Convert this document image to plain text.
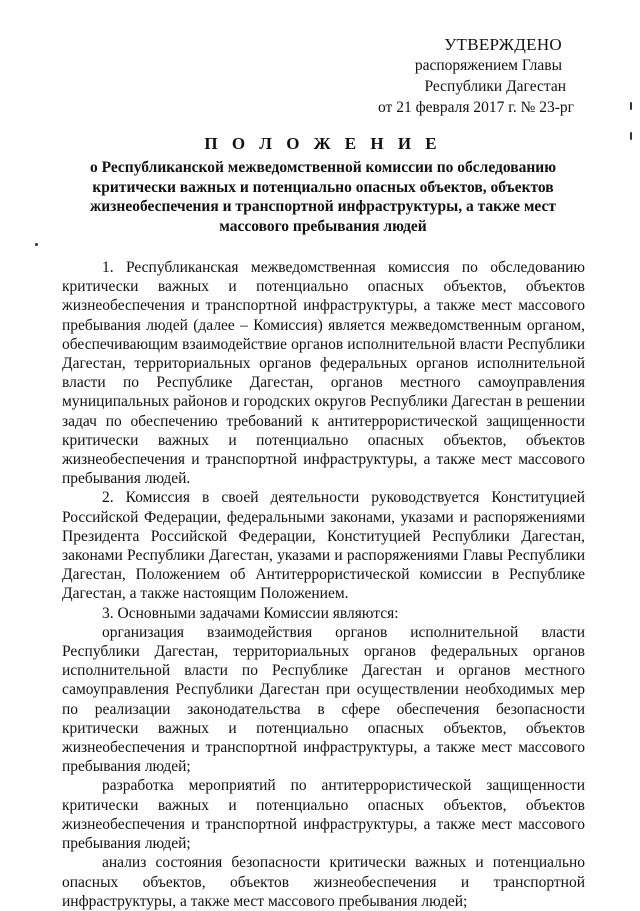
УТВЕРЖДЕНО
распоряжением Главы
Республики Дагестан
от 21 февраля 2017 г. № 23-рг
П О Л О Ж Е Н И Е
о Республиканской межведомственной комиссии по обследованию критически важных и потенциально опасных объектов, объектов жизнеобеспечения и транспортной инфраструктуры, а также мест массового пребывания людей

1. Республиканская межведомственная комиссия по обследованию критически важных и потенциально опасных объектов, объектов жизнеобеспечения и транспортной инфраструктуры, а также мест массового пребывания людей (далее – Комиссия) является межведомственным органом, обеспечивающим взаимодействие органов исполнительной власти Республики Дагестан, территориальных органов федеральных органов исполнительной власти по Республике Дагестан, органов местного самоуправления муниципальных районов и городских округов Республики Дагестан в решении задач по обеспечению требований к антитеррористической защищенности критически важных и потенциально опасных объектов, объектов жизнеобеспечения и транспортной инфраструктуры, а также мест массового пребывания людей.

2. Комиссия в своей деятельности руководствуется Конституцией Российской Федерации, федеральными законами, указами и распоряжениями Президента Российской Федерации, Конституцией Республики Дагестан, законами Республики Дагестан, указами и распоряжениями Главы Республики Дагестан, Положением об Антитеррористической комиссии в Республике Дагестан, а также настоящим Положением.

3. Основными задачами Комиссии являются:

организация взаимодействия органов исполнительной власти Республики Дагестан, территориальных органов федеральных органов исполнительной власти по Республике Дагестан и органов местного самоуправления Республики Дагестан при осуществлении необходимых мер по реализации законодательства в сфере обеспечения безопасности критически важных и потенциально опасных объектов, объектов жизнеобеспечения и транспортной инфраструктуры, а также мест массового пребывания людей;

разработка мероприятий по антитеррористической защищенности критически важных и потенциально опасных объектов, объектов жизнеобеспечения и транспортной инфраструктуры, а также мест массового пребывания людей;

анализ состояния безопасности критически важных и потенциально опасных объектов, объектов жизнеобеспечения и транспортной инфраструктуры, а также мест массового пребывания людей;
